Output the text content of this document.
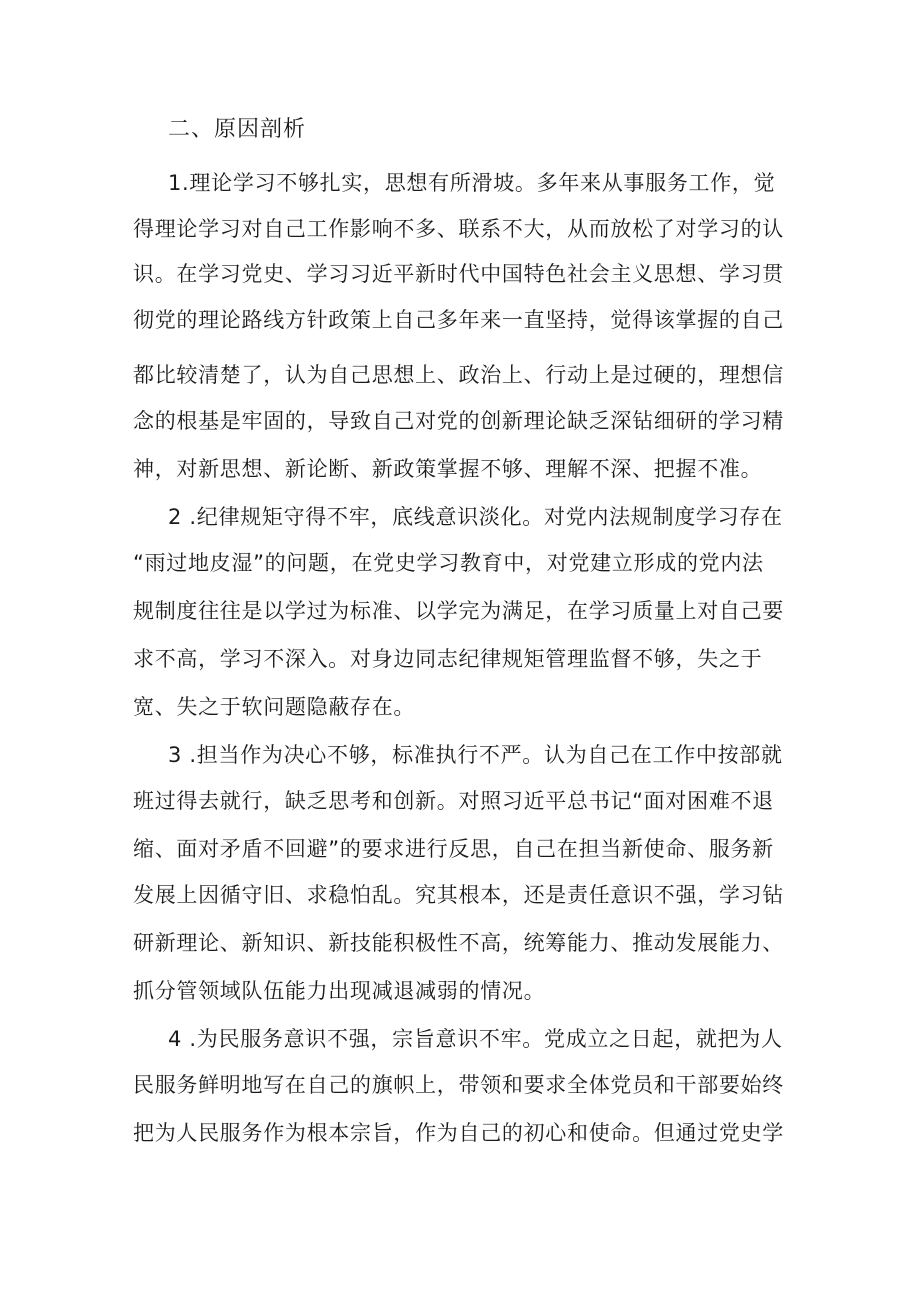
二、原因剖析
1.理论学习不够扎实，思想有所滑坡。多年来从事服务工作，觉
得理论学习对自己工作影响不多、联系不大，从而放松了对学习的认
识。在学习党史、学习习近平新时代中国特色社会主义思想、学习贯
彻党的理论路线方针政策上自己多年来一直坚持，觉得该掌握的自己
都比较清楚了，认为自己思想上、政治上、行动上是过硬的，理想信
念的根基是牢固的，导致自己对党的创新理论缺乏深钻细研的学习精
神，对新思想、新论断、新政策掌握不够、理解不深、把握不准。
2 .纪律规矩守得不牢，底线意识淡化。对党内法规制度学习存在
“雨过地皮湿”的问题，在党史学习教育中，对党建立形成的党内法
规制度往往是以学过为标准、以学完为满足，在学习质量上对自己要
求不高，学习不深入。对身边同志纪律规矩管理监督不够，失之于
宽、失之于软问题隐蔽存在。
3 .担当作为决心不够，标准执行不严。认为自己在工作中按部就
班过得去就行，缺乏思考和创新。对照习近平总书记“面对困难不退
缩、面对矛盾不回避”的要求进行反思，自己在担当新使命、服务新
发展上因循守旧、求稳怕乱。究其根本，还是责任意识不强，学习钻
研新理论、新知识、新技能积极性不高，统筹能力、推动发展能力、
抓分管领域队伍能力出现减退减弱的情况。
4 .为民服务意识不强，宗旨意识不牢。党成立之日起，就把为人
民服务鲜明地写在自己的旗帜上，带领和要求全体党员和干部要始终
把为人民服务作为根本宗旨，作为自己的初心和使命。但通过党史学
